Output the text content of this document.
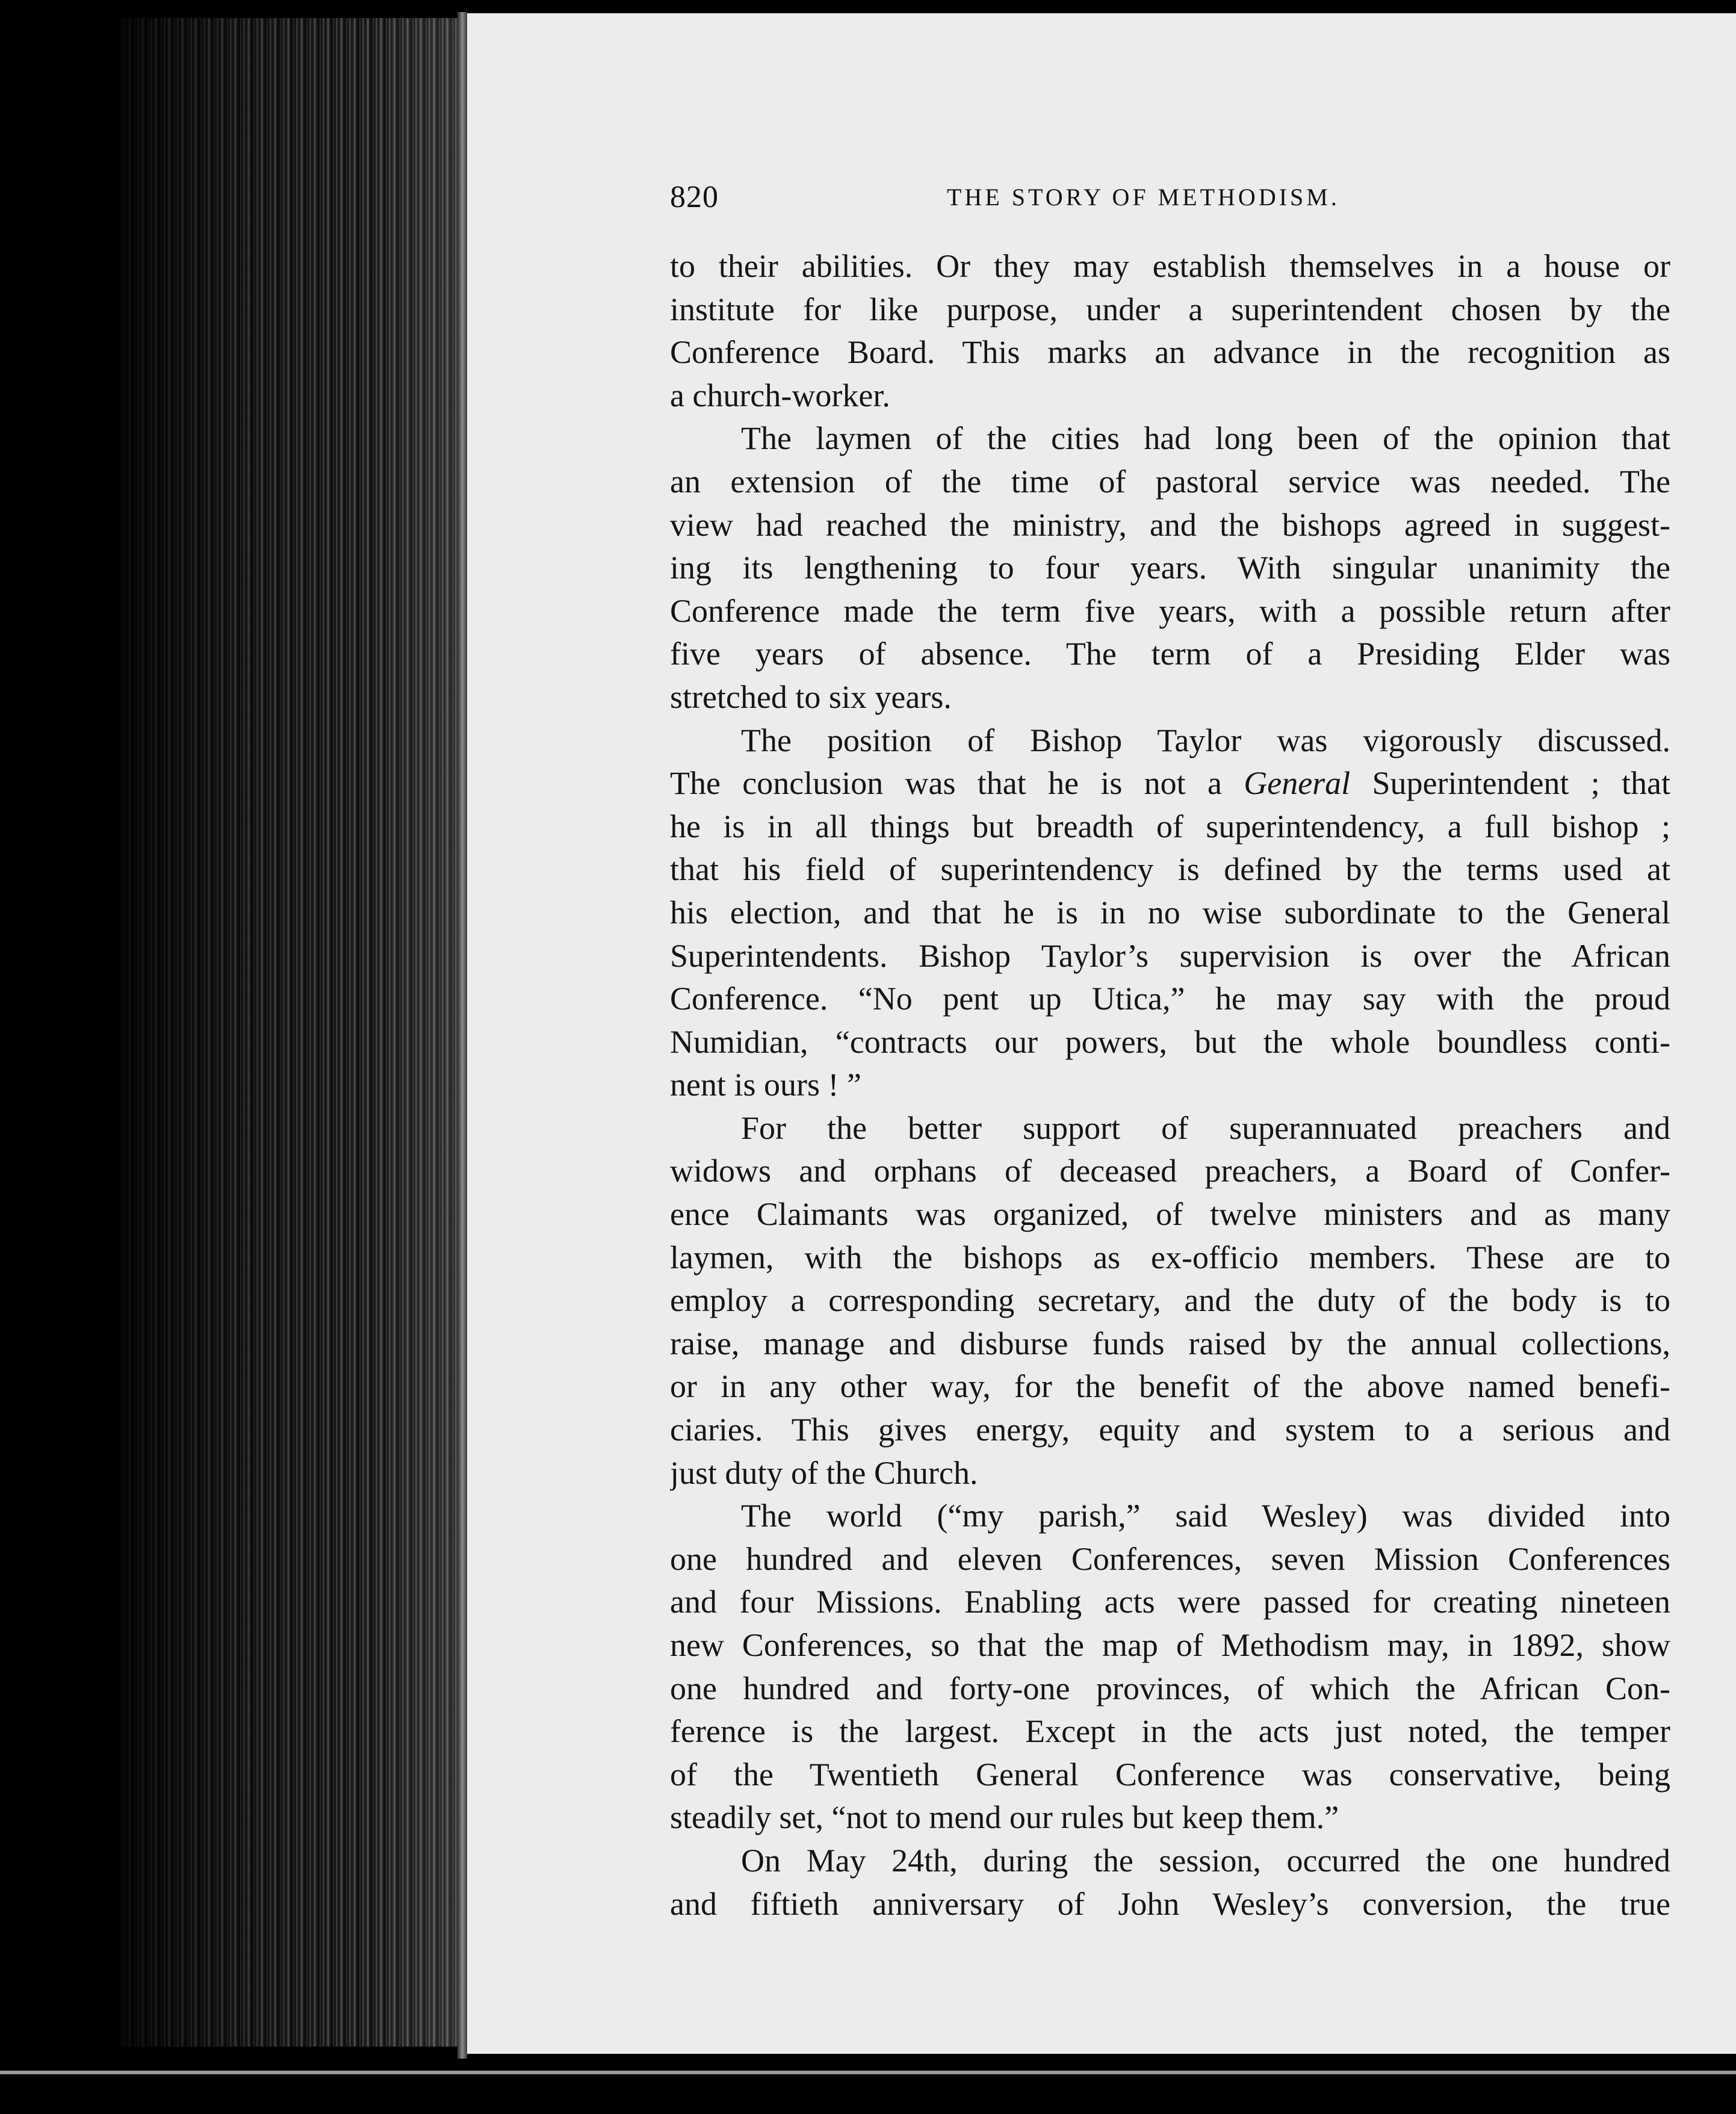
820	THE STORY OF METHODISM.
to their abilities. Or they may establish themselves in a house or
institute for like purpose, under a superintendent chosen by the
Conference Board. This marks an advance in the recognition as
a church-worker.
The laymen of the cities had long been of the opinion that
an extension of the time of pastoral service was needed. The
view had reached the ministry, and the bishops agreed in suggest-
ing its lengthening to four years. With singular unanimity the
Conference made the term five years, with a possible return after
five years of absence. The term of a Presiding Elder was
stretched to six years.
The position of Bishop Taylor was vigorously discussed.
The conclusion was that he is not a General Superintendent ; that
he is in all things but breadth of superintendency, a full bishop ;
that his field of superintendency is defined by the terms used at
his election, and that he is in no wise subordinate to the General
Superintendents. Bishop Taylor’s supervision is over the African
Conference. “No pent up Utica,” he may say with the proud
Numidian, “contracts our powers, but the whole boundless conti-
nent is ours ! ”
For the better support of superannuated preachers and
widows and orphans of deceased preachers, a Board of Confer-
ence Claimants was organized, of twelve ministers and as many
laymen, with the bishops as ex-officio members. These are to
employ a corresponding secretary, and the duty of the body is to
raise, manage and disburse funds raised by the annual collections,
or in any other way, for the benefit of the above named benefi-
ciaries. This gives energy, equity and system to a serious and
just duty of the Church.
The world (“my parish,” said Wesley) was divided into
one hundred and eleven Conferences, seven Mission Conferences
and four Missions. Enabling acts were passed for creating nineteen
new Conferences, so that the map of Methodism may, in 1892, show
one hundred and forty-one provinces, of which the African Con-
ference is the largest. Except in the acts just noted, the temper
of the Twentieth General Conference was conservative, being
steadily set, “not to mend our rules but keep them.”
On May 24th, during the session, occurred the one hundred
and fiftieth anniversary of John Wesley’s conversion, the true
